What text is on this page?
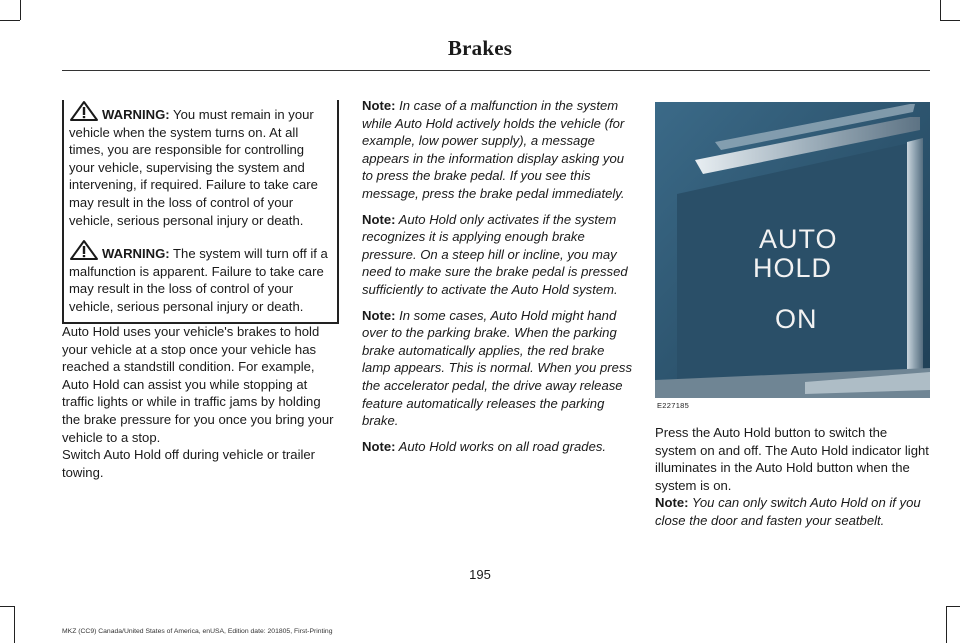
Brakes

WARNING: You must remain in your vehicle when the system turns on. At all times, you are responsible for controlling your vehicle, supervising the system and intervening, if required. Failure to take care may result in the loss of control of your vehicle, serious personal injury or death.

WARNING: The system will turn off if a malfunction is apparent. Failure to take care may result in the loss of control of your vehicle, serious personal injury or death.

Auto Hold uses your vehicle's brakes to hold your vehicle at a stop once your vehicle has reached a standstill condition. For example, Auto Hold can assist you while stopping at traffic lights or while in traffic jams by holding the brake pressure for you once you bring your vehicle to a stop.

Switch Auto Hold off during vehicle or trailer towing.

Note: In case of a malfunction in the system while Auto Hold actively holds the vehicle (for example, low power supply), a message appears in the information display asking you to press the brake pedal. If you see this message, press the brake pedal immediately.

Note: Auto Hold only activates if the system recognizes it is applying enough brake pressure. On a steep hill or incline, you may need to make sure the brake pedal is pressed sufficiently to activate the Auto Hold system.

Note: In some cases, Auto Hold might hand over to the parking brake. When the parking brake automatically applies, the red brake lamp appears. This is normal. When you press the accelerator pedal, the drive away release feature automatically releases the parking brake.

Note: Auto Hold works on all road grades.

AUTO
HOLD
ON
E227185

Press the Auto Hold button to switch the system on and off. The Auto Hold indicator light illuminates in the Auto Hold button when the system is on.

Note: You can only switch Auto Hold on if you close the door and fasten your seatbelt.

195
MKZ (CC9) Canada/United States of America, enUSA, Edition date: 201805, First-Printing
